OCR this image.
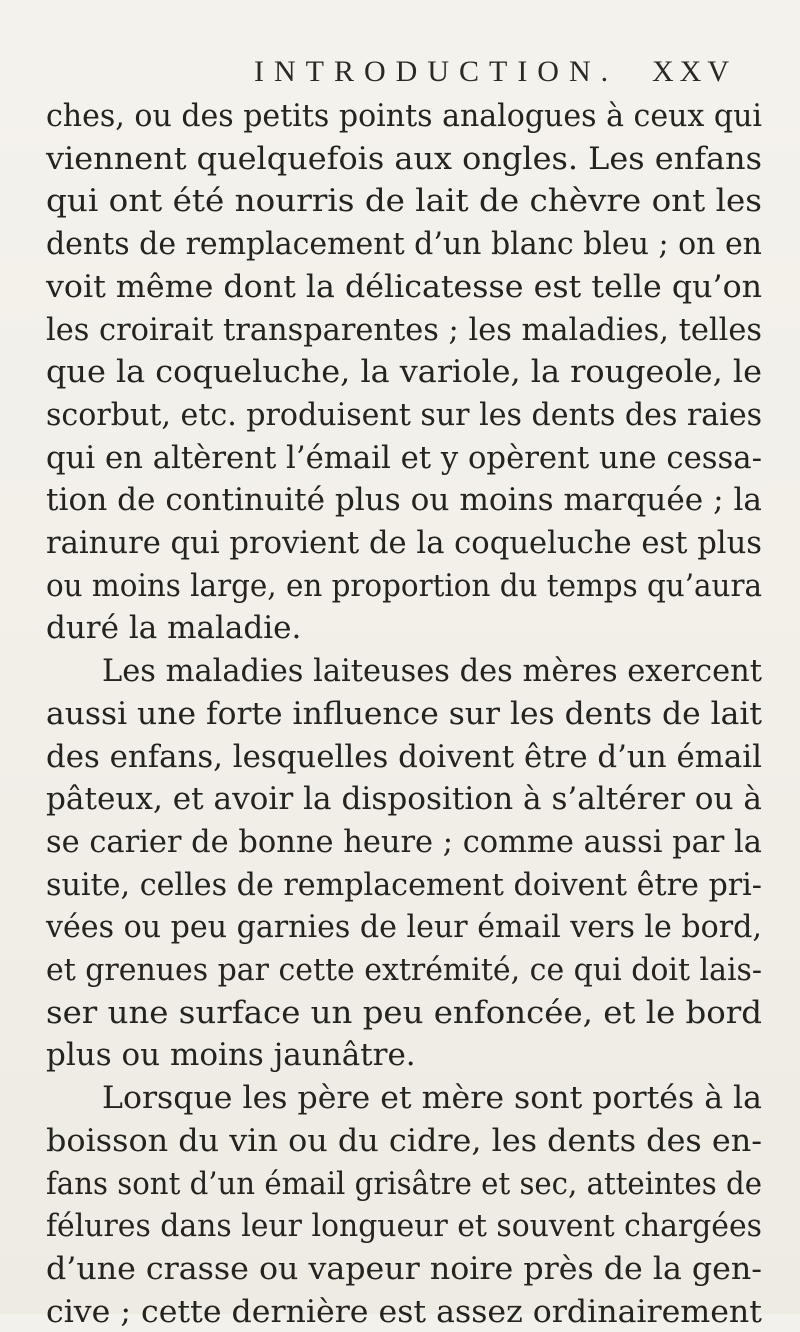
INTRODUCTION. XXV
ches, ou des petits points analogues à ceux qui
viennent quelquefois aux ongles. Les enfans
qui ont été nourris de lait de chèvre ont les
dents de remplacement d’un blanc bleu ; on en
voit même dont la délicatesse est telle qu’on
les croirait transparentes ; les maladies, telles
que la coqueluche, la variole, la rougeole, le
scorbut, etc. produisent sur les dents des raies
qui en altèrent l’émail et y opèrent une cessa-
tion de continuité plus ou moins marquée ; la
rainure qui provient de la coqueluche est plus
ou moins large, en proportion du temps qu’aura
duré la maladie.
Les maladies laiteuses des mères exercent
aussi une forte influence sur les dents de lait
des enfans, lesquelles doivent être d’un émail
pâteux, et avoir la disposition à s’altérer ou à
se carier de bonne heure ; comme aussi par la
suite, celles de remplacement doivent être pri-
vées ou peu garnies de leur émail vers le bord,
et grenues par cette extrémité, ce qui doit lais-
ser une surface un peu enfoncée, et le bord
plus ou moins jaunâtre.
Lorsque les père et mère sont portés à la
boisson du vin ou du cidre, les dents des en-
fans sont d’un émail grisâtre et sec, atteintes de
félures dans leur longueur et souvent chargées
d’une crasse ou vapeur noire près de la gen-
cive ; cette dernière est assez ordinairement
